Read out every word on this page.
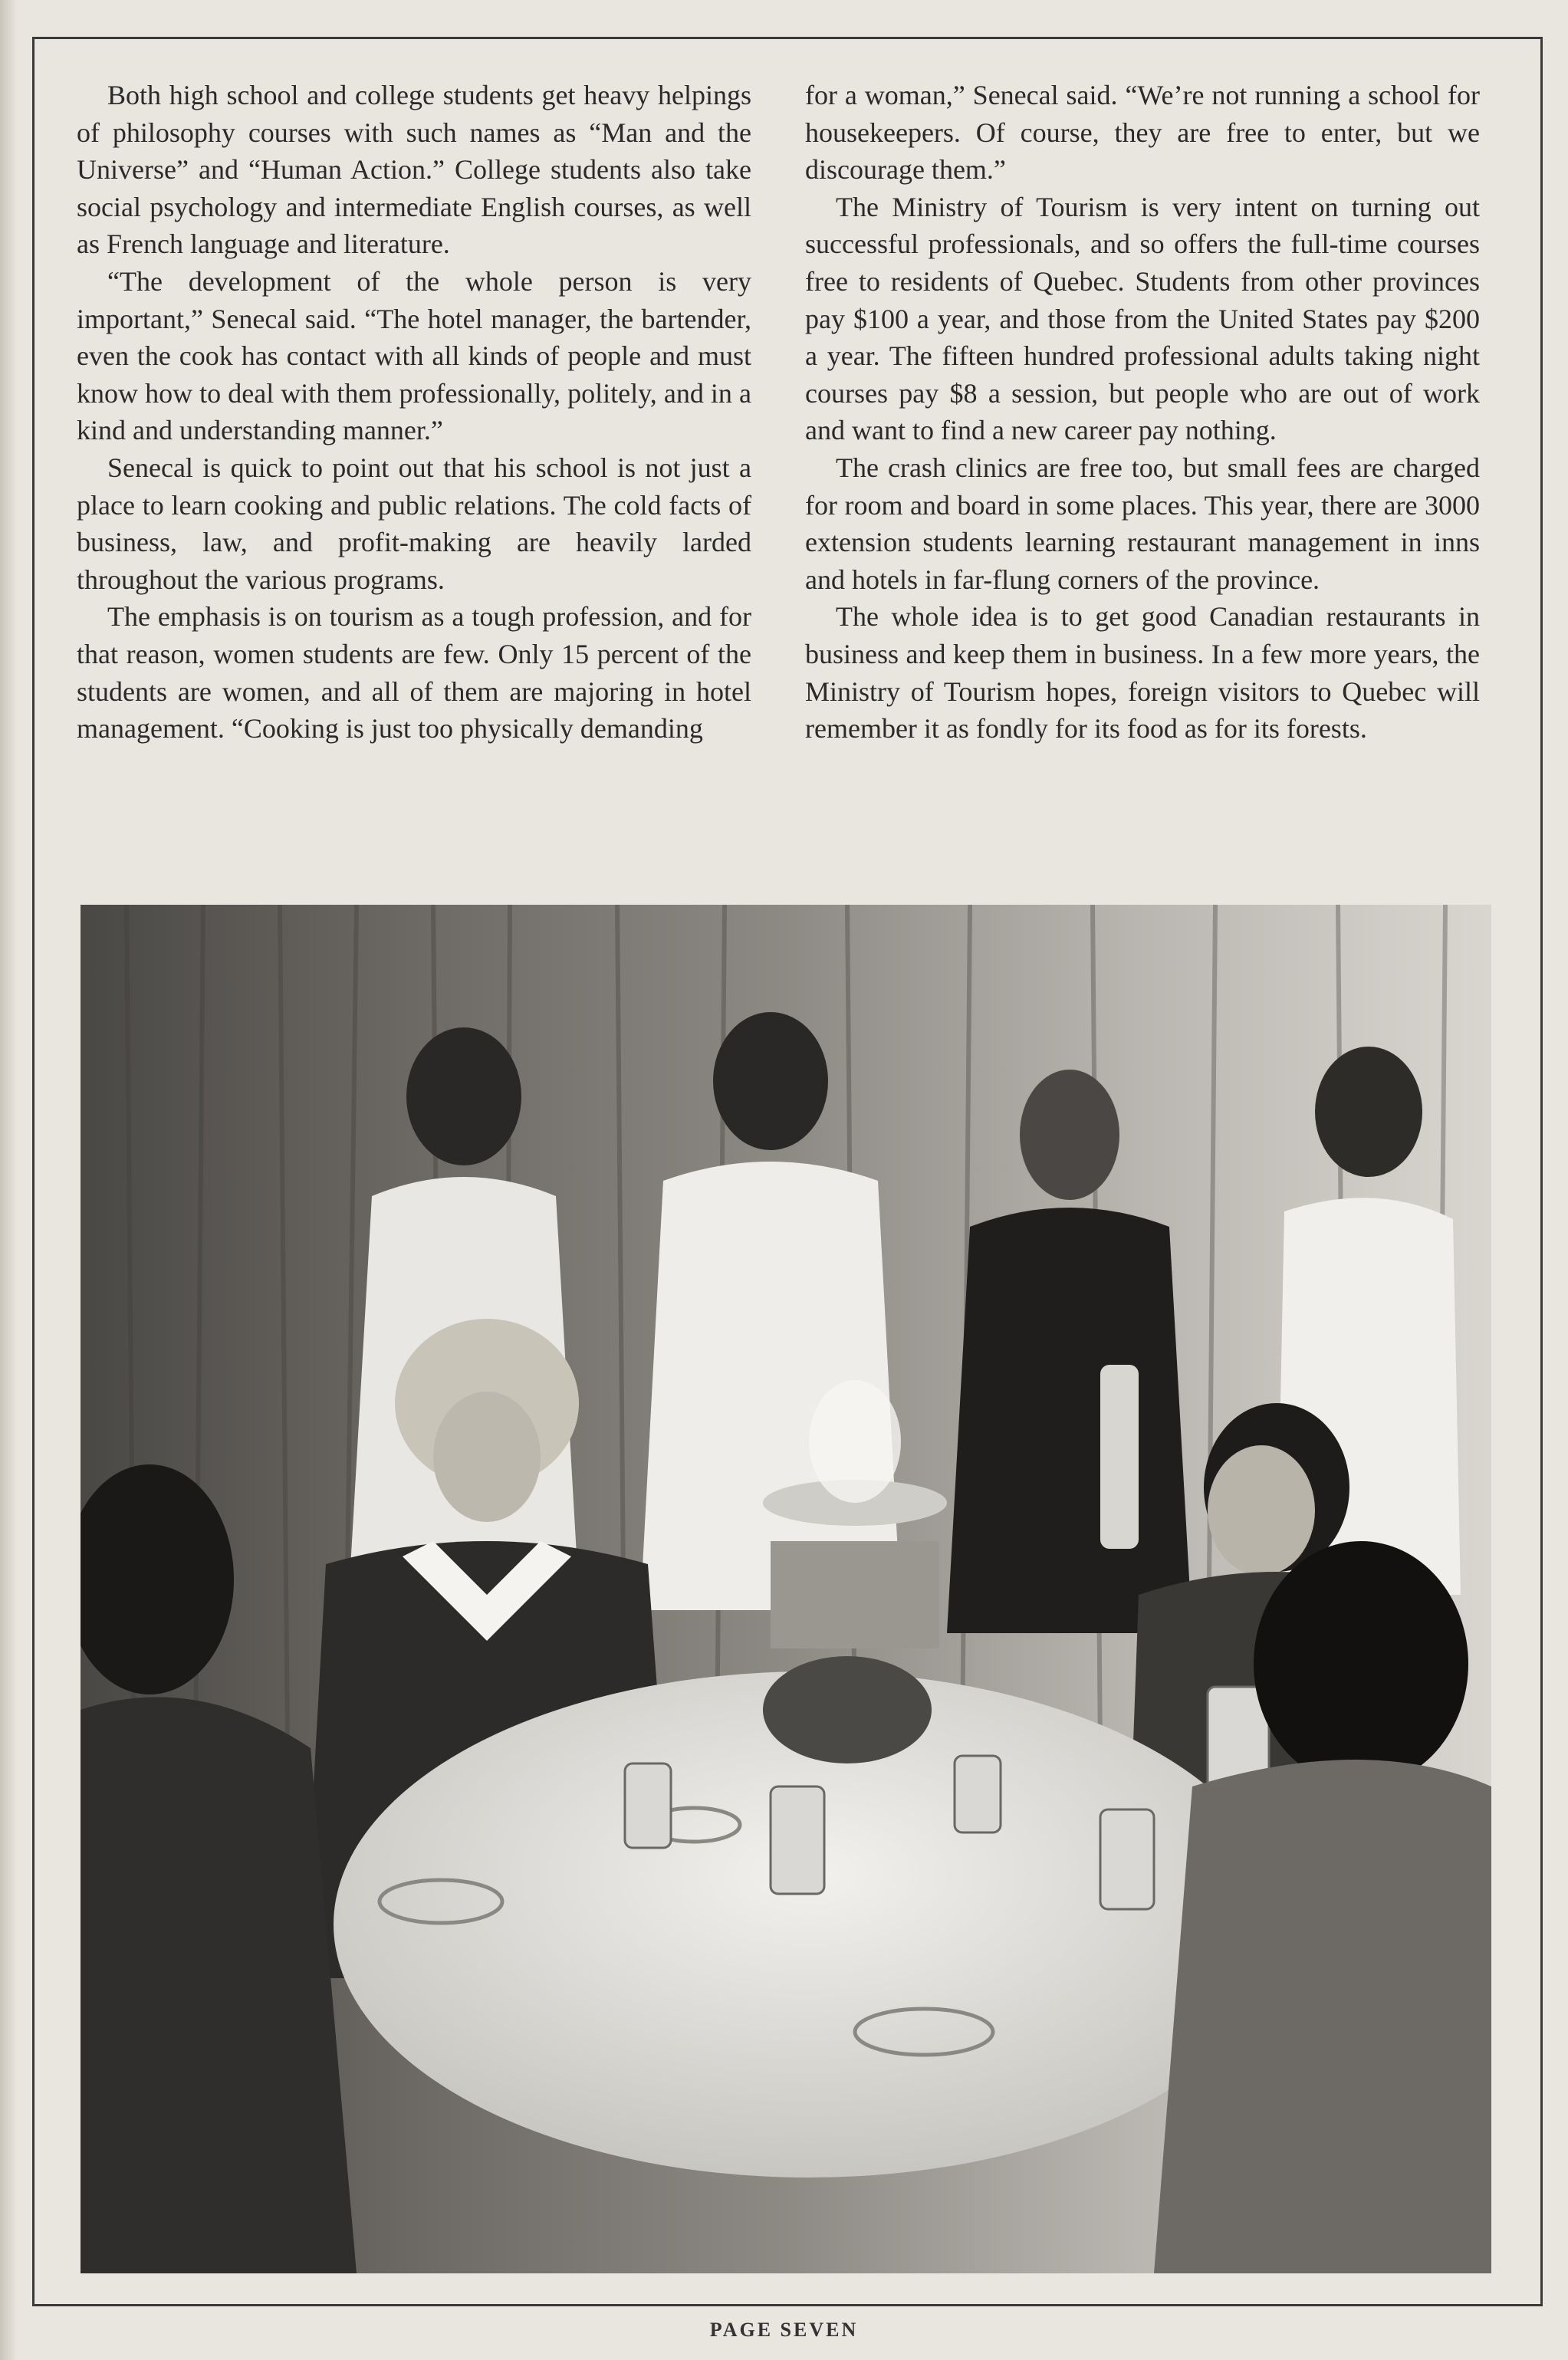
Both high school and college students get heavy helpings of philosophy courses with such names as “Man and the Universe” and “Human Action.” College students also take social psychology and intermediate English courses, as well as French language and literature.

“The development of the whole person is very important,” Senecal said. “The hotel manager, the bartender, even the cook has contact with all kinds of people and must know how to deal with them professionally, politely, and in a kind and understanding manner.”

Senecal is quick to point out that his school is not just a place to learn cooking and public relations. The cold facts of business, law, and profit-making are heavily larded throughout the various programs.

The emphasis is on tourism as a tough profession, and for that reason, women students are few. Only 15 percent of the students are women, and all of them are majoring in hotel management. “Cooking is just too physically demanding

for a woman,” Senecal said. “We’re not running a school for housekeepers. Of course, they are free to enter, but we discourage them.”

The Ministry of Tourism is very intent on turning out successful professionals, and so offers the full-time courses free to residents of Quebec. Students from other provinces pay $100 a year, and those from the United States pay $200 a year. The fifteen hundred professional adults taking night courses pay $8 a session, but people who are out of work and want to find a new career pay nothing.

The crash clinics are free too, but small fees are charged for room and board in some places. This year, there are 3000 extension students learning restaurant management in inns and hotels in far-flung corners of the province.

The whole idea is to get good Canadian restaurants in business and keep them in business. In a few more years, the Ministry of Tourism hopes, foreign visitors to Quebec will remember it as fondly for its food as for its forests.

PAGE SEVEN
